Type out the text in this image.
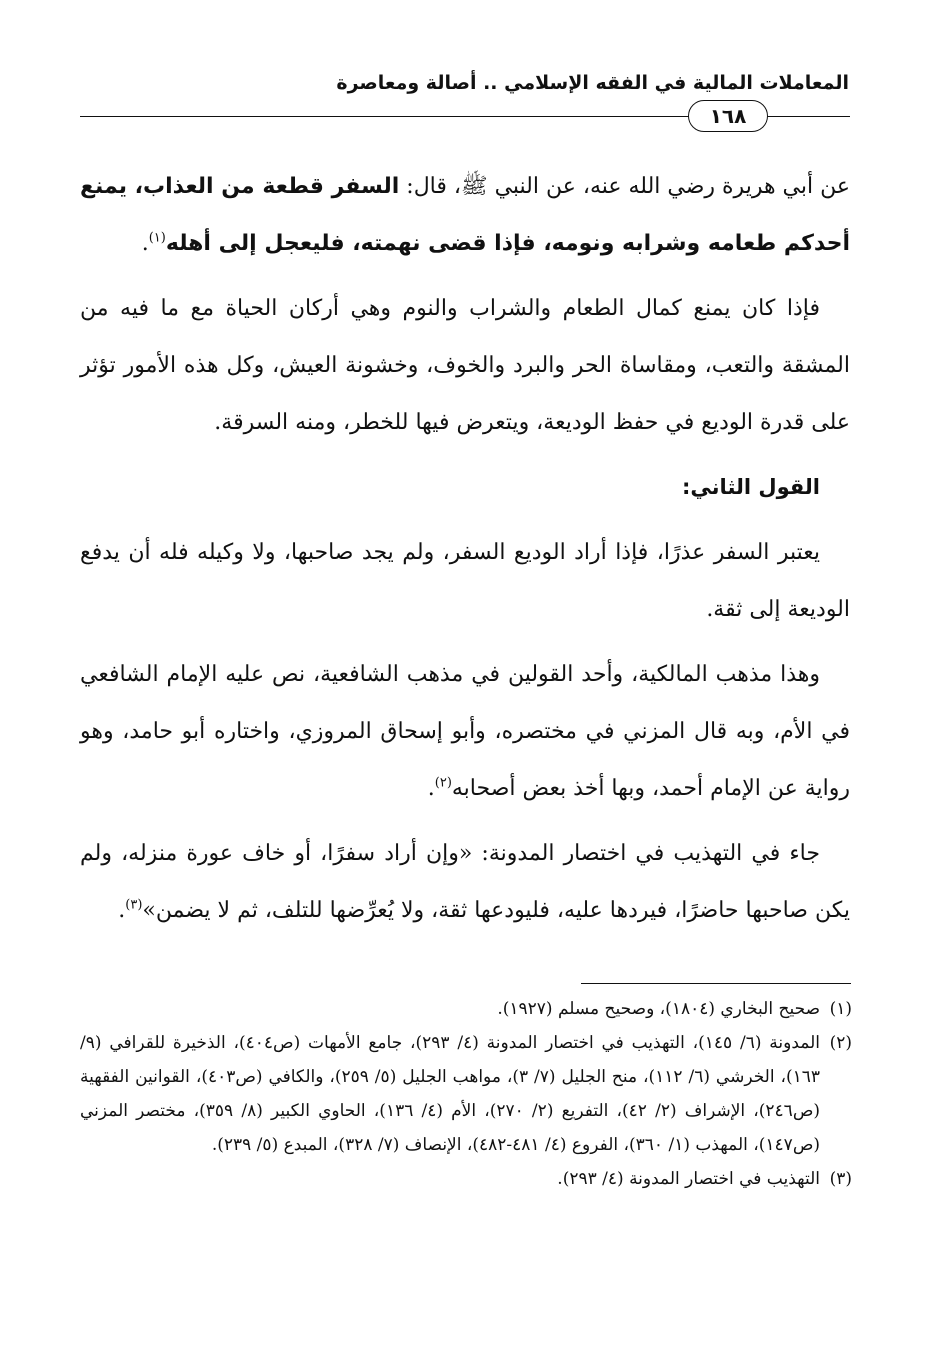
المعاملات المالية في الفقه الإسلامي .. أصالة ومعاصرة
١٦٨

عن أبي هريرة رضي الله عنه، عن النبي ﷺ، قال: السفر قطعة من العذاب، يمنع أحدكم طعامه وشرابه ونومه، فإذا قضى نهمته، فليعجل إلى أهله$^{(١)}$.

فإذا كان يمنع كمال الطعام والشراب والنوم وهي أركان الحياة مع ما فيه من المشقة والتعب، ومقاساة الحر والبرد والخوف، وخشونة العيش، وكل هذه الأمور تؤثر على قدرة الوديع في حفظ الوديعة، ويتعرض فيها للخطر، ومنه السرقة.

القول الثاني:

يعتبر السفر عذرًا، فإذا أراد الوديع السفر، ولم يجد صاحبها، ولا وكيله فله أن يدفع الوديعة إلى ثقة.

وهذا مذهب المالكية، وأحد القولين في مذهب الشافعية، نص عليه الإمام الشافعي في الأم، وبه قال المزني في مختصره، وأبو إسحاق المروزي، واختاره أبو حامد، وهو رواية عن الإمام أحمد، وبها أخذ بعض أصحابه$^{(٢)}$.

جاء في التهذيب في اختصار المدونة: «وإن أراد سفرًا، أو خاف عورة منزله، ولم يكن صاحبها حاضرًا، فيردها عليه، فليودعها ثقة، ولا يُعرِّضها للتلف، ثم لا يضمن»$^{(٣)}$.

(١)صحيح البخاري (١٨٠٤)، وصحيح مسلم (١٩٢٧).

(٢)المدونة (٦/ ١٤٥)، التهذيب في اختصار المدونة (٤/ ٢٩٣)، جامع الأمهات (ص٤٠٤)، الذخيرة للقرافي (٩/ ١٦٣)، الخرشي (٦/ ١١٢)، منح الجليل (٧/ ٣)، مواهب الجليل (٥/ ٢٥٩)، والكافي (ص٤٠٣)، القوانين الفقهية (ص٢٤٦)، الإشراف (٢/ ٤٢)، التفريع (٢/ ٢٧٠)، الأم (٤/ ١٣٦)، الحاوي الكبير (٨/ ٣٥٩)، مختصر المزني (ص١٤٧)، المهذب (١/ ٣٦٠)، الفروع (٤/ ٤٨١-٤٨٢)، الإنصاف (٧/ ٣٢٨)، المبدع (٥/ ٢٣٩).

(٣)التهذيب في اختصار المدونة (٤/ ٢٩٣).
